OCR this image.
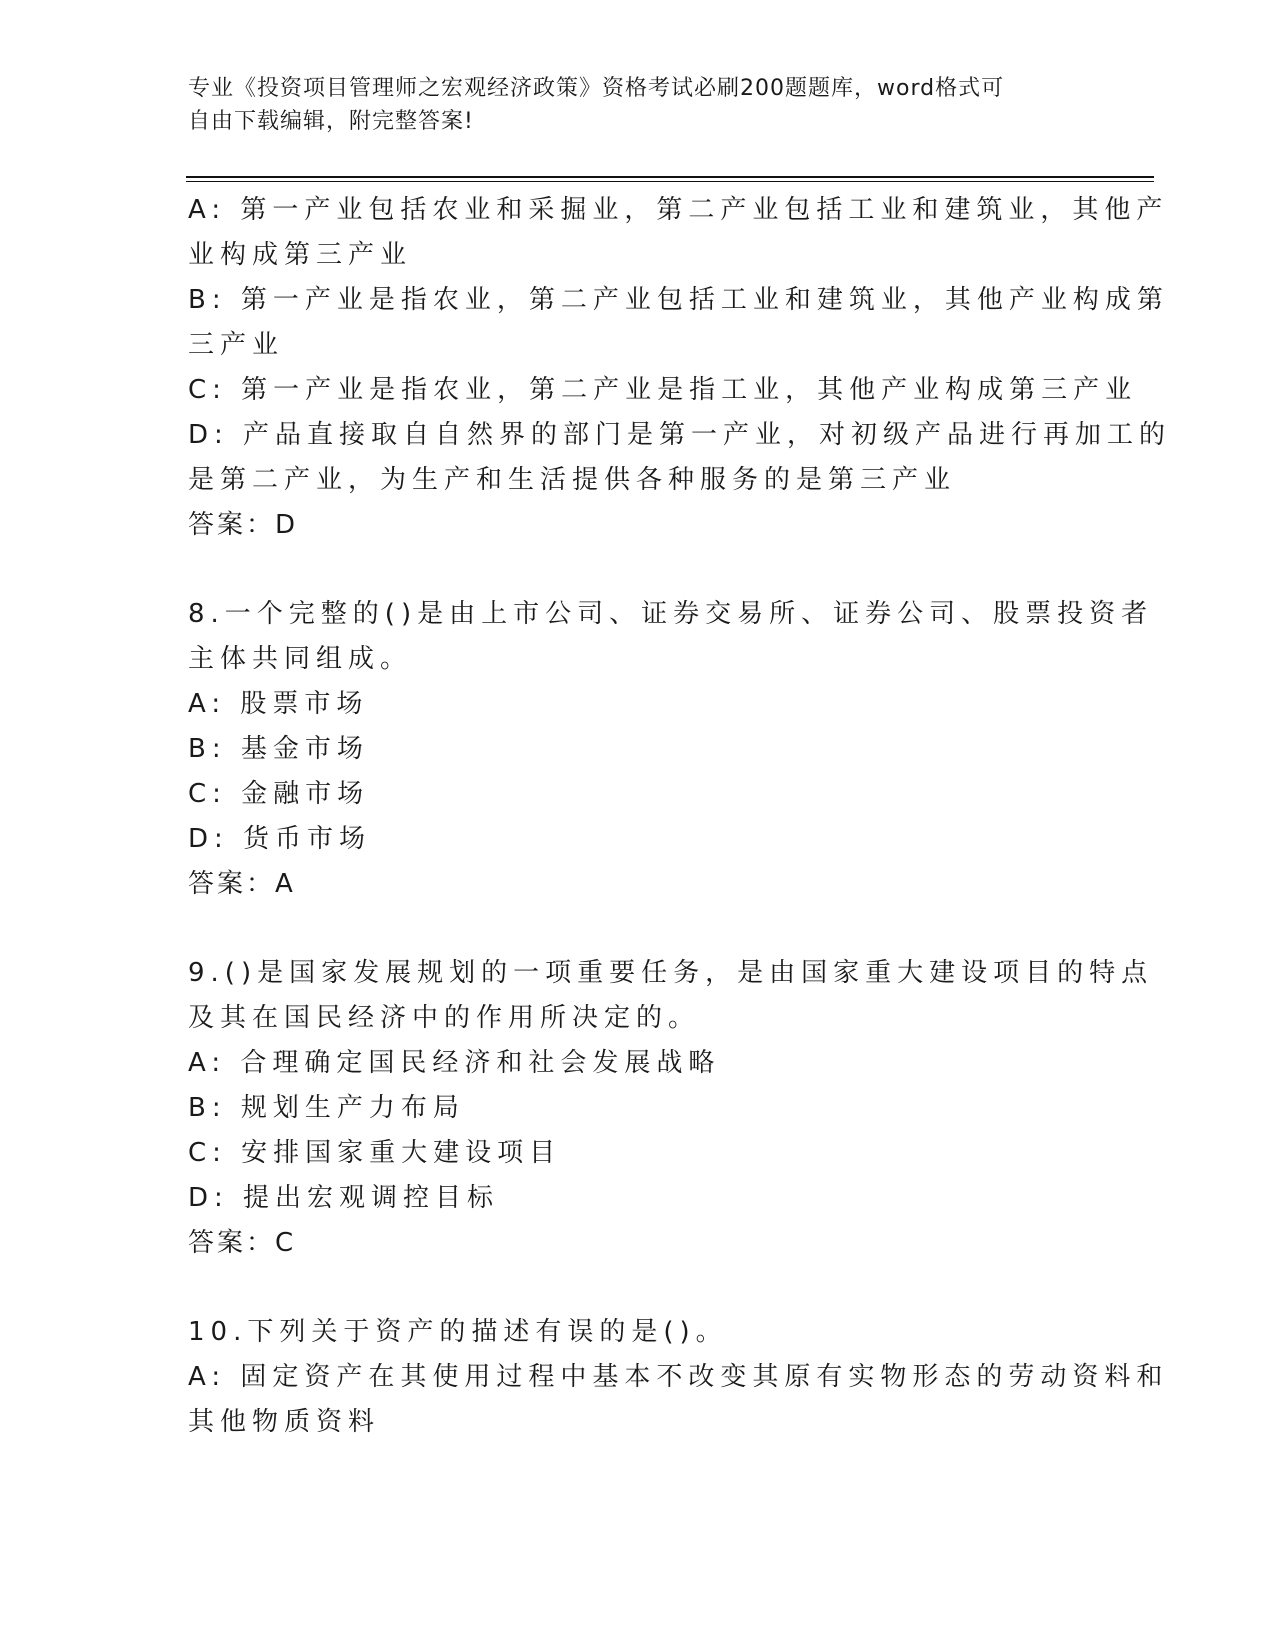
专业《投资项目管理师之宏观经济政策》资格考试必刷200题题库，word格式可
自由下载编辑，附完整答案!
A: 第一产业包括农业和采掘业，第二产业包括工业和建筑业，其他产
业构成第三产业
B: 第一产业是指农业，第二产业包括工业和建筑业，其他产业构成第
三产业
C: 第一产业是指农业，第二产业是指工业，其他产业构成第三产业
D: 产品直接取自自然界的部门是第一产业，对初级产品进行再加工的
是第二产业，为生产和生活提供各种服务的是第三产业
答案：D
8.一个完整的()是由上市公司、证券交易所、证券公司、股票投资者
主体共同组成。
A: 股票市场
B: 基金市场
C: 金融市场
D: 货币市场
答案：A
9.()是国家发展规划的一项重要任务，是由国家重大建设项目的特点
及其在国民经济中的作用所决定的。
A: 合理确定国民经济和社会发展战略
B: 规划生产力布局
C: 安排国家重大建设项目
D: 提出宏观调控目标
答案：C
10.下列关于资产的描述有误的是()。
A: 固定资产在其使用过程中基本不改变其原有实物形态的劳动资料和
其他物质资料
